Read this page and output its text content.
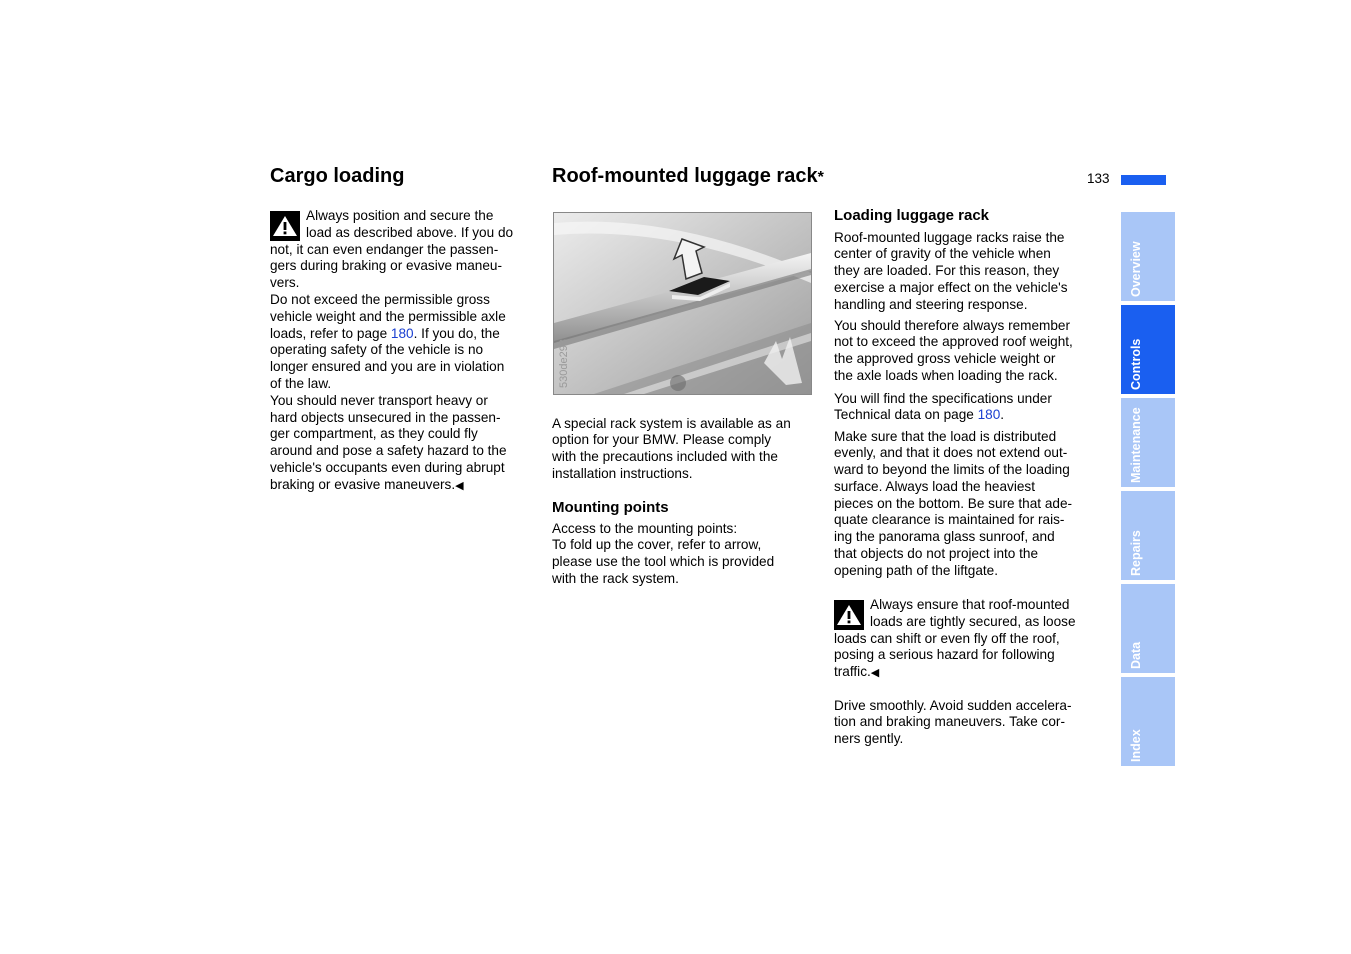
133
Cargo loading

Always position and secure the

load as described above. If you do

not, it can even endanger the passen-

gers during braking or evasive maneu-

vers.

Do not exceed the permissible gross

vehicle weight and the permissible axle

loads, refer to page 180. If you do, the

operating safety of the vehicle is no

longer ensured and you are in violation

of the law.

You should never transport heavy or

hard objects unsecured in the passen-

ger compartment, as they could fly

around and pose a safety hazard to the

vehicle's occupants even during abrupt

braking or evasive maneuvers.◀

Roof-mounted luggage rack*
530de293

A special rack system is available as an

option for your BMW. Please comply

with the precautions included with the

installation instructions.

Mounting points

Access to the mounting points:

To fold up the cover, refer to arrow,

please use the tool which is provided

with the rack system.

Loading luggage rack

Roof-mounted luggage racks raise the

center of gravity of the vehicle when

they are loaded. For this reason, they

exercise a major effect on the vehicle's

handling and steering response.

You should therefore always remember

not to exceed the approved roof weight,

the approved gross vehicle weight or

the axle loads when loading the rack.

You will find the specifications under

Technical data on page 180.

Make sure that the load is distributed

evenly, and that it does not extend out-

ward to beyond the limits of the loading

surface. Always load the heaviest

pieces on the bottom. Be sure that ade-

quate clearance is maintained for rais-

ing the panorama glass sunroof, and

that objects do not project into the

opening path of the liftgate.

Always ensure that roof-mounted

loads are tightly secured, as loose

loads can shift or even fly off the roof,

posing a serious hazard for following

traffic.◀

Drive smoothly. Avoid sudden accelera-

tion and braking maneuvers. Take cor-

ners gently.

Overview
Controls
Maintenance
Repairs
Data
Index
